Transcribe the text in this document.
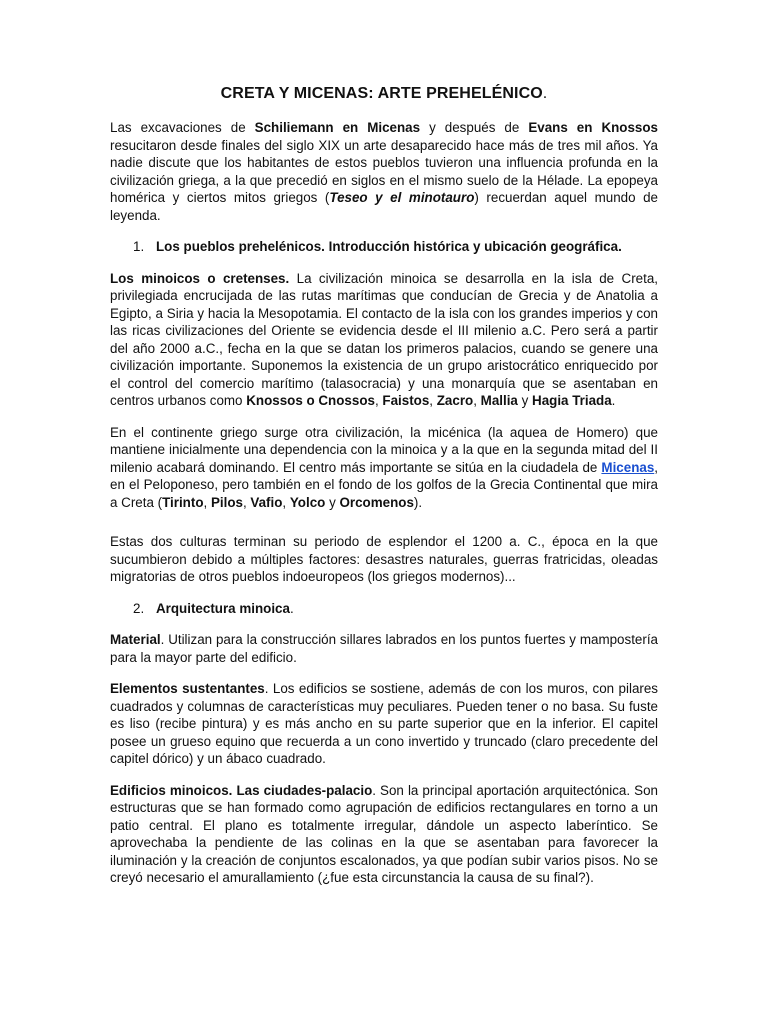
CRETA Y MICENAS: ARTE PREHELÉNICO.

Las excavaciones de Schiliemann en Micenas y después de Evans en Knossos resucitaron desde finales del siglo XIX un arte desaparecido hace más de tres mil años. Ya nadie discute que los habitantes de estos pueblos tuvieron una influencia profunda en la civilización griega, a la que precedió en siglos en el mismo suelo de la Hélade. La epopeya homérica y ciertos mitos griegos (Teseo y el minotauro) recuerdan aquel mundo de leyenda.

1. Los pueblos prehelénicos. Introducción histórica y ubicación geográfica.

Los minoicos o cretenses. La civilización minoica se desarrolla en la isla de Creta, privilegiada encrucijada de las rutas marítimas que conducían de Grecia y de Anatolia a Egipto, a Siria y hacia la Mesopotamia. El contacto de la isla con los grandes imperios y con las ricas civilizaciones del Oriente se evidencia desde el III milenio a.C. Pero será a partir del año 2000 a.C., fecha en la que se datan los primeros palacios, cuando se genere una civilización importante. Suponemos la existencia de un grupo aristocrático enriquecido por el control del comercio marítimo (talasocracia) y una monarquía que se asentaban en centros urbanos como Knossos o Cnossos, Faistos, Zacro, Mallia y Hagia Triada.

En el continente griego surge otra civilización, la micénica (la aquea de Homero) que mantiene inicialmente una dependencia con la minoica y a la que en la segunda mitad del II milenio acabará dominando. El centro más importante se sitúa en la ciudadela de Micenas, en el Peloponeso, pero también en el fondo de los golfos de la Grecia Continental que mira a Creta (Tirinto, Pilos, Vafio, Yolco y Orcomenos).

Estas dos culturas terminan su periodo de esplendor el 1200 a. C., época en la que sucumbieron debido a múltiples factores: desastres naturales, guerras fratricidas, oleadas migratorias de otros pueblos indoeuropeos (los griegos modernos)...

2. Arquitectura minoica.

Material. Utilizan para la construcción sillares labrados en los puntos fuertes y mampostería para la mayor parte del edificio.

Elementos sustentantes. Los edificios se sostiene, además de con los muros, con pilares cuadrados y columnas de características muy peculiares. Pueden tener o no basa. Su fuste es liso (recibe pintura) y es más ancho en su parte superior que en la inferior. El capitel posee un grueso equino que recuerda a un cono invertido y truncado (claro precedente del capitel dórico) y un ábaco cuadrado.

Edificios minoicos. Las ciudades-palacio. Son la principal aportación arquitectónica. Son estructuras que se han formado como agrupación de edificios rectangulares en torno a un patio central. El plano es totalmente irregular, dándole un aspecto laberíntico. Se aprovechaba la pendiente de las colinas en la que se asentaban para favorecer la iluminación y la creación de conjuntos escalonados, ya que podían subir varios pisos. No se creyó necesario el amurallamiento (¿fue esta circunstancia la causa de su final?).
